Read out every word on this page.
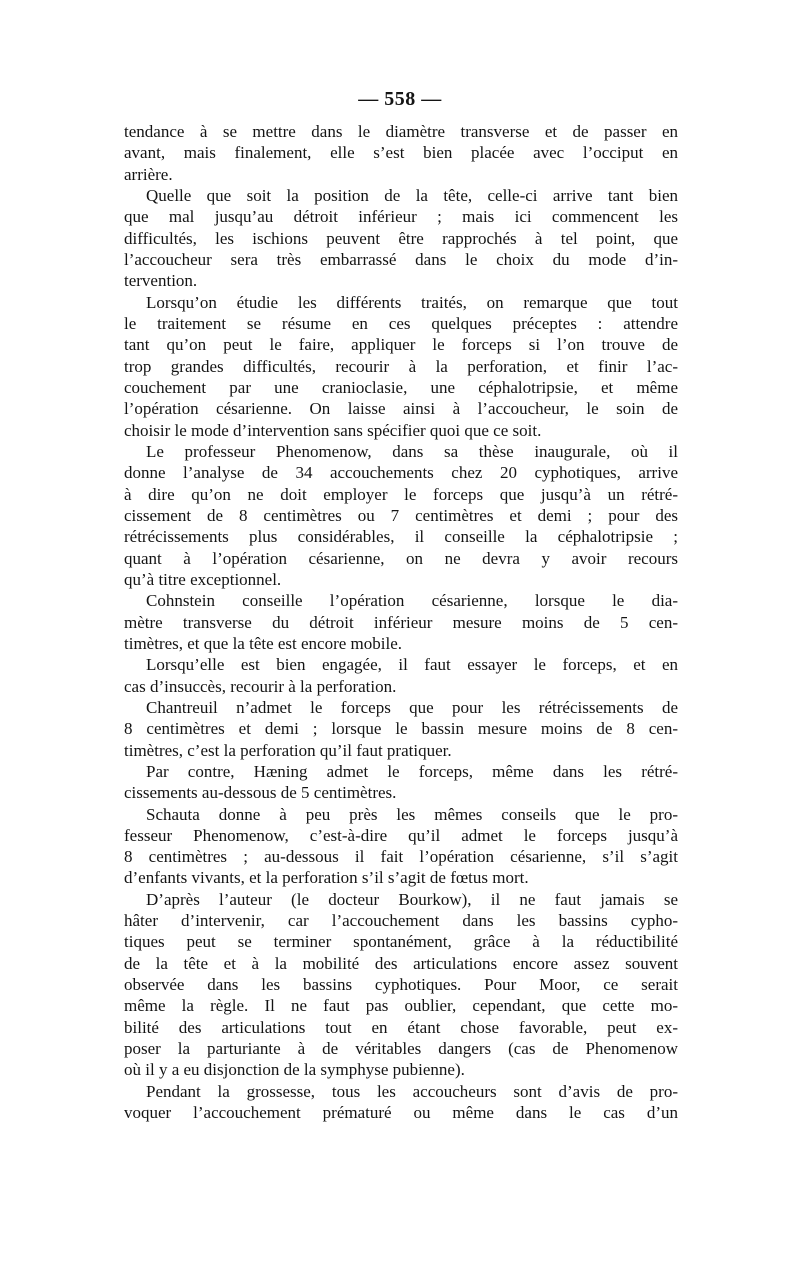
— 558 —
tendance à se mettre dans le diamètre transverse et de passer en
avant, mais finalement, elle s’est bien placée avec l’occiput en
arrière.
Quelle que soit la position de la tête, celle-ci arrive tant bien
que mal jusqu’au détroit inférieur ; mais ici commencent les
difficultés, les ischions peuvent être rapprochés à tel point, que
l’accoucheur sera très embarrassé dans le choix du mode d’in-
tervention.
Lorsqu’on étudie les différents traités, on remarque que tout
le traitement se résume en ces quelques préceptes : attendre
tant qu’on peut le faire, appliquer le forceps si l’on trouve de
trop grandes difficultés, recourir à la perforation, et finir l’ac-
couchement par une cranioclasie, une céphalotripsie, et même
l’opération césarienne. On laisse ainsi à l’accoucheur, le soin de
choisir le mode d’intervention sans spécifier quoi que ce soit.
Le professeur Phenomenow, dans sa thèse inaugurale, où il
donne l’analyse de 34 accouchements chez 20 cyphotiques, arrive
à dire qu’on ne doit employer le forceps que jusqu’à un rétré-
cissement de 8 centimètres ou 7 centimètres et demi ; pour des
rétrécissements plus considérables, il conseille la céphalotripsie ;
quant à l’opération césarienne, on ne devra y avoir recours
qu’à titre exceptionnel.
Cohnstein conseille l’opération césarienne, lorsque le dia-
mètre transverse du détroit inférieur mesure moins de 5 cen-
timètres, et que la tête est encore mobile.
Lorsqu’elle est bien engagée, il faut essayer le forceps, et en
cas d’insuccès, recourir à la perforation.
Chantreuil n’admet le forceps que pour les rétrécissements de
8 centimètres et demi ; lorsque le bassin mesure moins de 8 cen-
timètres, c’est la perforation qu’il faut pratiquer.
Par contre, Hæning admet le forceps, même dans les rétré-
cissements au-dessous de 5 centimètres.
Schauta donne à peu près les mêmes conseils que le pro-
fesseur Phenomenow, c’est-à-dire qu’il admet le forceps jusqu’à
8 centimètres ; au-dessous il fait l’opération césarienne, s’il s’agit
d’enfants vivants, et la perforation s’il s’agit de fœtus mort.
D’après l’auteur (le docteur Bourkow), il ne faut jamais se
hâter d’intervenir, car l’accouchement dans les bassins cypho-
tiques peut se terminer spontanément, grâce à la réductibilité
de la tête et à la mobilité des articulations encore assez souvent
observée dans les bassins cyphotiques. Pour Moor, ce serait
même la règle. Il ne faut pas oublier, cependant, que cette mo-
bilité des articulations tout en étant chose favorable, peut ex-
poser la parturiante à de véritables dangers (cas de Phenomenow
où il y a eu disjonction de la symphyse pubienne).
Pendant la grossesse, tous les accoucheurs sont d’avis de pro-
voquer l’accouchement prématuré ou même dans le cas d’un
